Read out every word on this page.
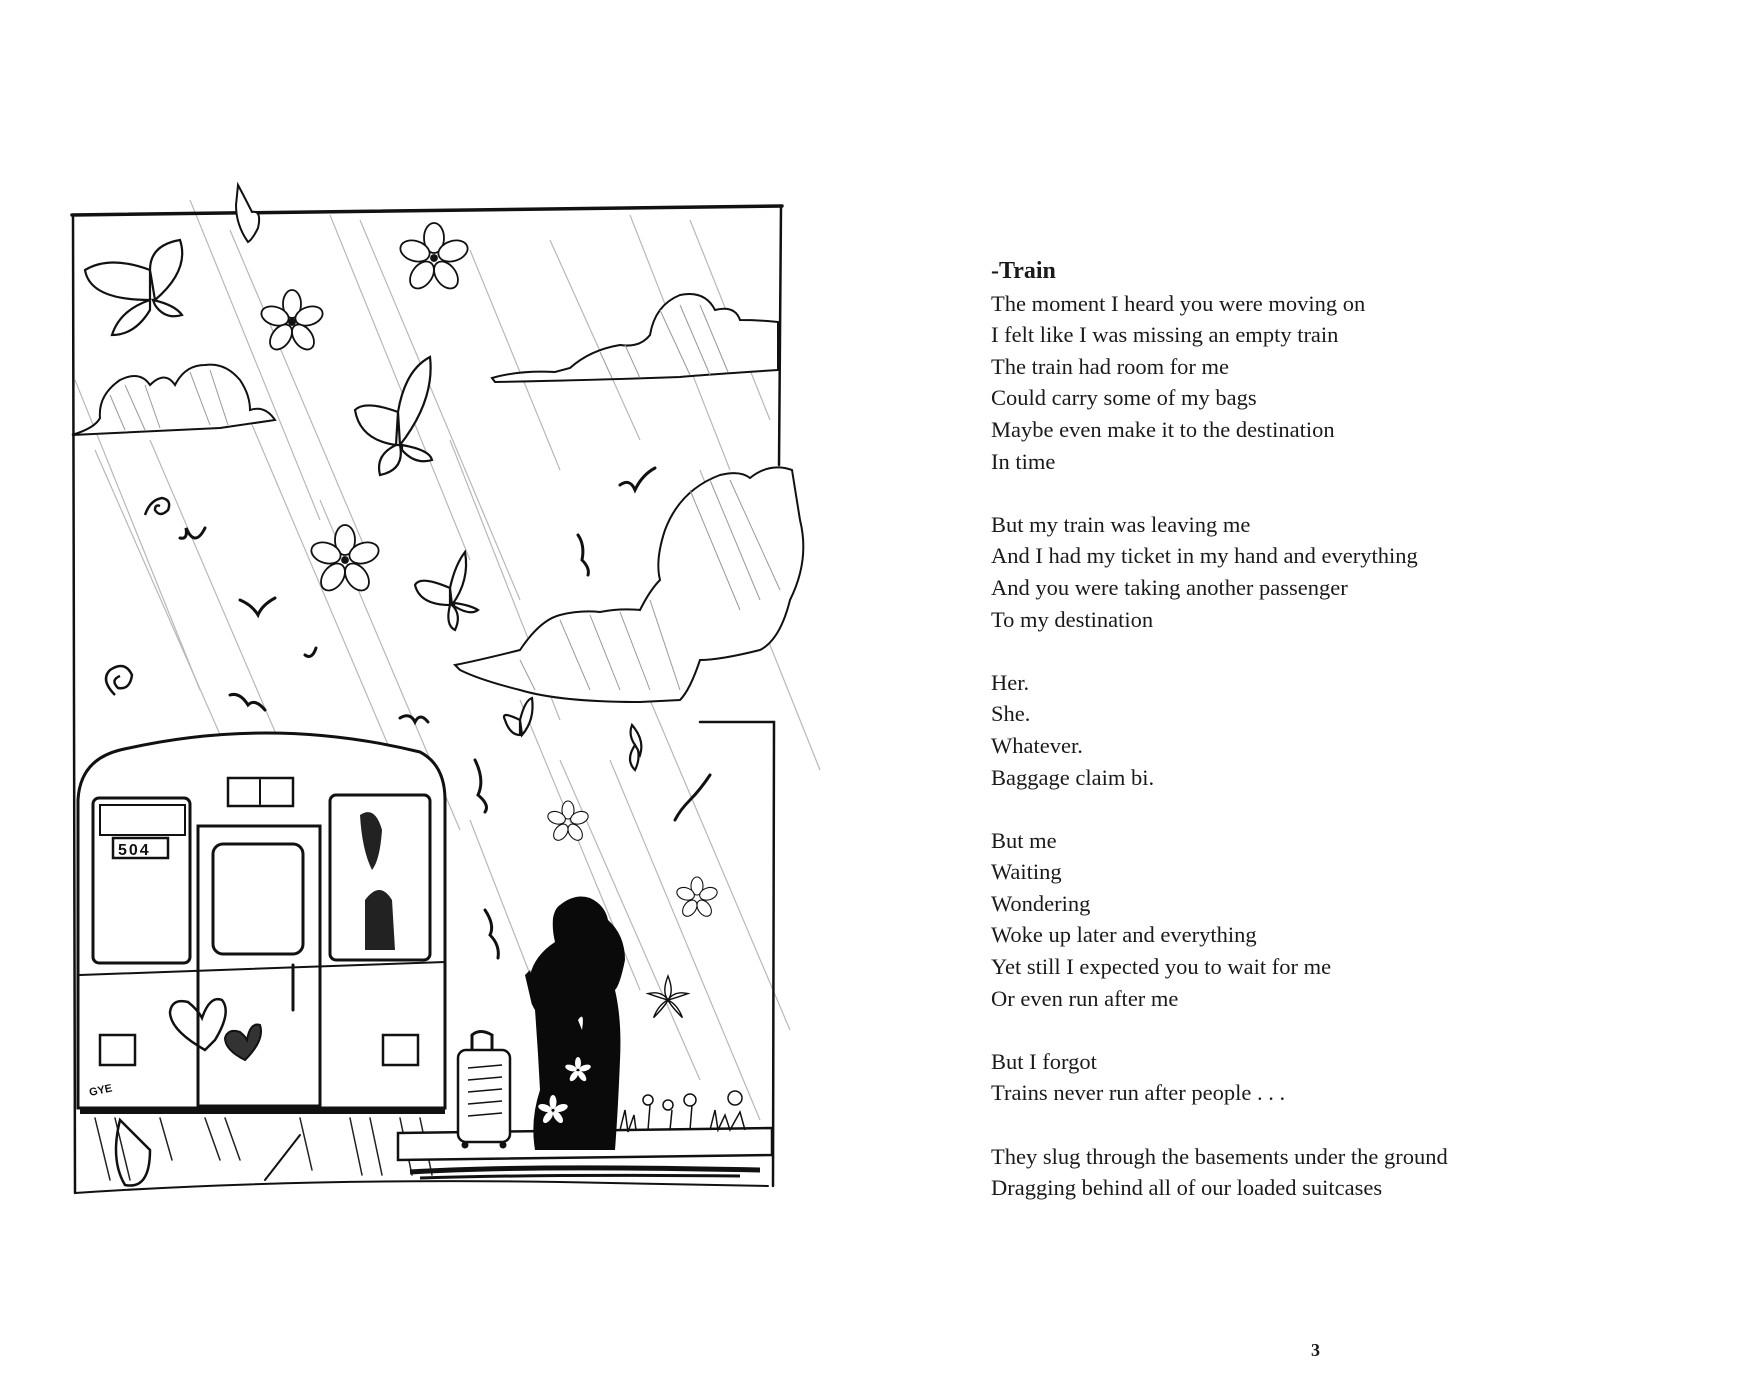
504
GYE
-Train
The moment I heard you were moving on
I felt like I was missing an empty train
The train had room for me
Could carry some of my bags
Maybe even make it to the destination
In time
But my train was leaving me
And I had my ticket in my hand and everything
And you were taking another passenger
To my destination
Her.
She.
Whatever.
Baggage claim bi.
But me
Waiting
Wondering
Woke up later and everything
Yet still I expected you to wait for me
Or even run after me
But I forgot
Trains never run after people . . .
They slug through the basements under the ground
Dragging behind all of our loaded suitcases
3
